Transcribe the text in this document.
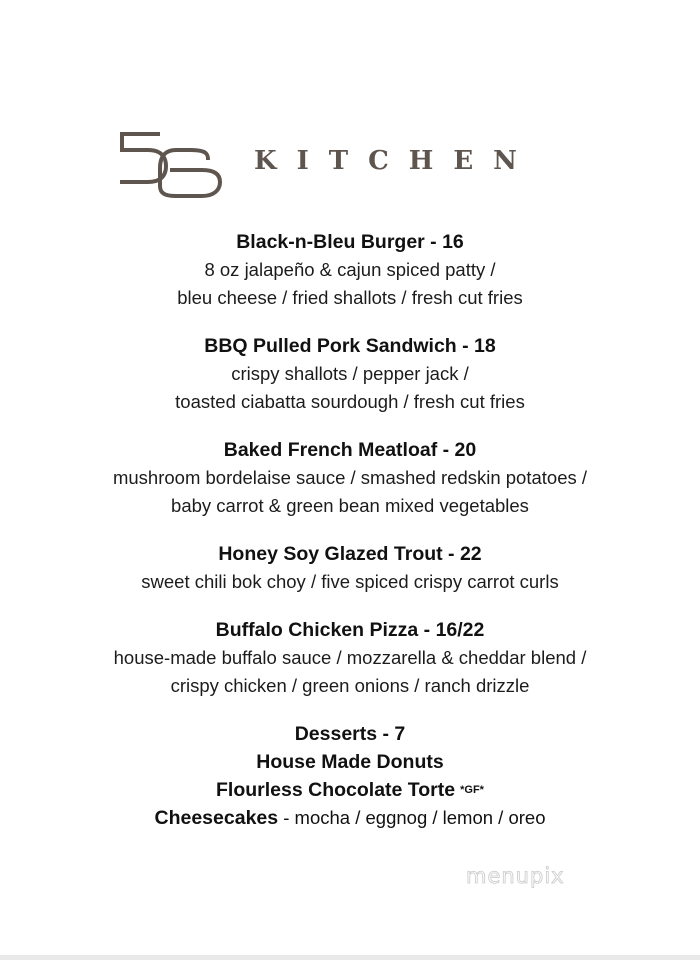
KITCHEN
Black-n-Bleu Burger - 16
8 oz jalapeño & cajun spiced patty /
bleu cheese / fried shallots / fresh cut fries
BBQ Pulled Pork Sandwich - 18
crispy shallots / pepper jack /
toasted ciabatta sourdough / fresh cut fries
Baked French Meatloaf - 20
mushroom bordelaise sauce / smashed redskin potatoes /
baby carrot & green bean mixed vegetables
Honey Soy Glazed Trout - 22
sweet chili bok choy / five spiced crispy carrot curls
Buffalo Chicken Pizza - 16/22
house-made buffalo sauce / mozzarella & cheddar blend /
crispy chicken / green onions / ranch drizzle
Desserts - 7
House Made Donuts
Flourless Chocolate Torte *GF*
Cheesecakes - mocha / eggnog / lemon / oreo
menupix
